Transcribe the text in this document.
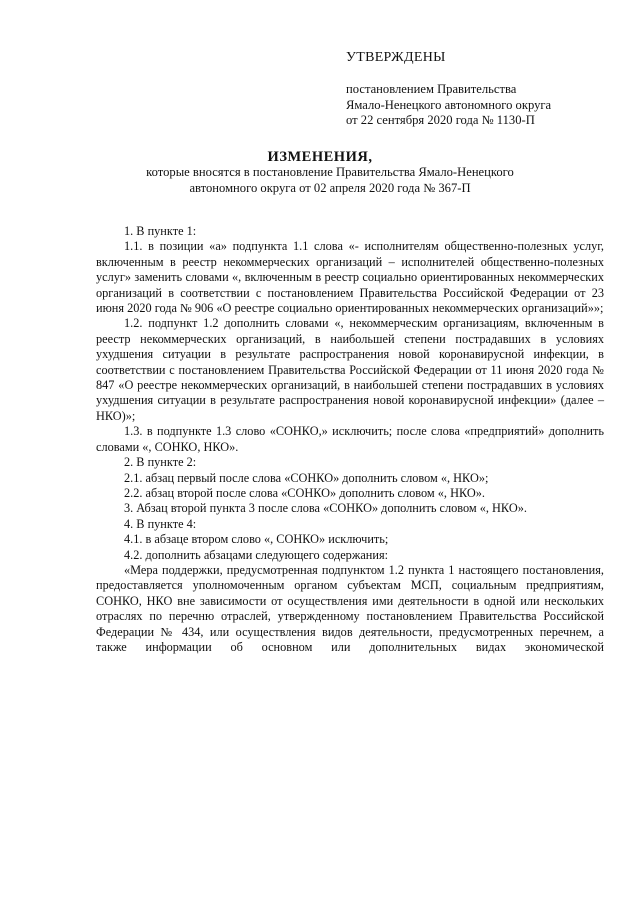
УТВЕРЖДЕНЫ
постановлением Правительства
Ямало-Ненецкого автономного округа
от 22 сентября 2020 года № 1130-П
ИЗМЕНЕНИЯ,
которые вносятся в постановление Правительства Ямало-Ненецкого
автономного округа от 02 апреля 2020 года № 367-П

1. В пункте 1:

1.1. в позиции «а» подпункта 1.1 слова «- исполнителям общественно-полезных услуг, включенным в реестр некоммерческих организаций – исполнителей общественно-полезных услуг» заменить словами «, включенным в реестр социально ориентированных некоммерческих организаций в соответствии с постановлением Правительства Российской Федерации от 23 июня 2020 года № 906 «О реестре социально ориентированных некоммерческих организаций»»;

1.2. подпункт 1.2 дополнить словами «, некоммерческим организациям, включенным в реестр некоммерческих организаций, в наибольшей степени пострадавших в условиях ухудшения ситуации в результате распространения новой коронавирусной инфекции, в соответствии с постановлением Правительства Российской Федерации от 11 июня 2020 года № 847 «О реестре некоммерческих организаций, в наибольшей степени пострадавших в условиях ухудшения ситуации в результате распространения новой коронавирусной инфекции» (далее – НКО)»;

1.3. в подпункте 1.3 слово «СОНКО,» исключить; после слова «предприятий» дополнить словами «, СОНКО, НКО».

2. В пункте 2:

2.1. абзац первый после слова «СОНКО» дополнить словом «, НКО»;

2.2. абзац второй после слова «СОНКО» дополнить словом «, НКО».

3. Абзац второй пункта 3 после слова «СОНКО» дополнить словом «, НКО».

4. В пункте 4:

4.1. в абзаце втором слово «, СОНКО» исключить;

4.2. дополнить абзацами следующего содержания:

«Мера поддержки, предусмотренная подпунктом 1.2 пункта 1 настоящего постановления, предоставляется уполномоченным органом субъектам МСП, социальным предприятиям, СОНКО, НКО вне зависимости от осуществления ими деятельности в одной или нескольких отраслях по перечню отраслей, утвержденному постановлением Правительства Российской Федерации № 434, или осуществления видов деятельности, предусмотренных перечнем, а также информации об основном или дополнительных видах экономической
